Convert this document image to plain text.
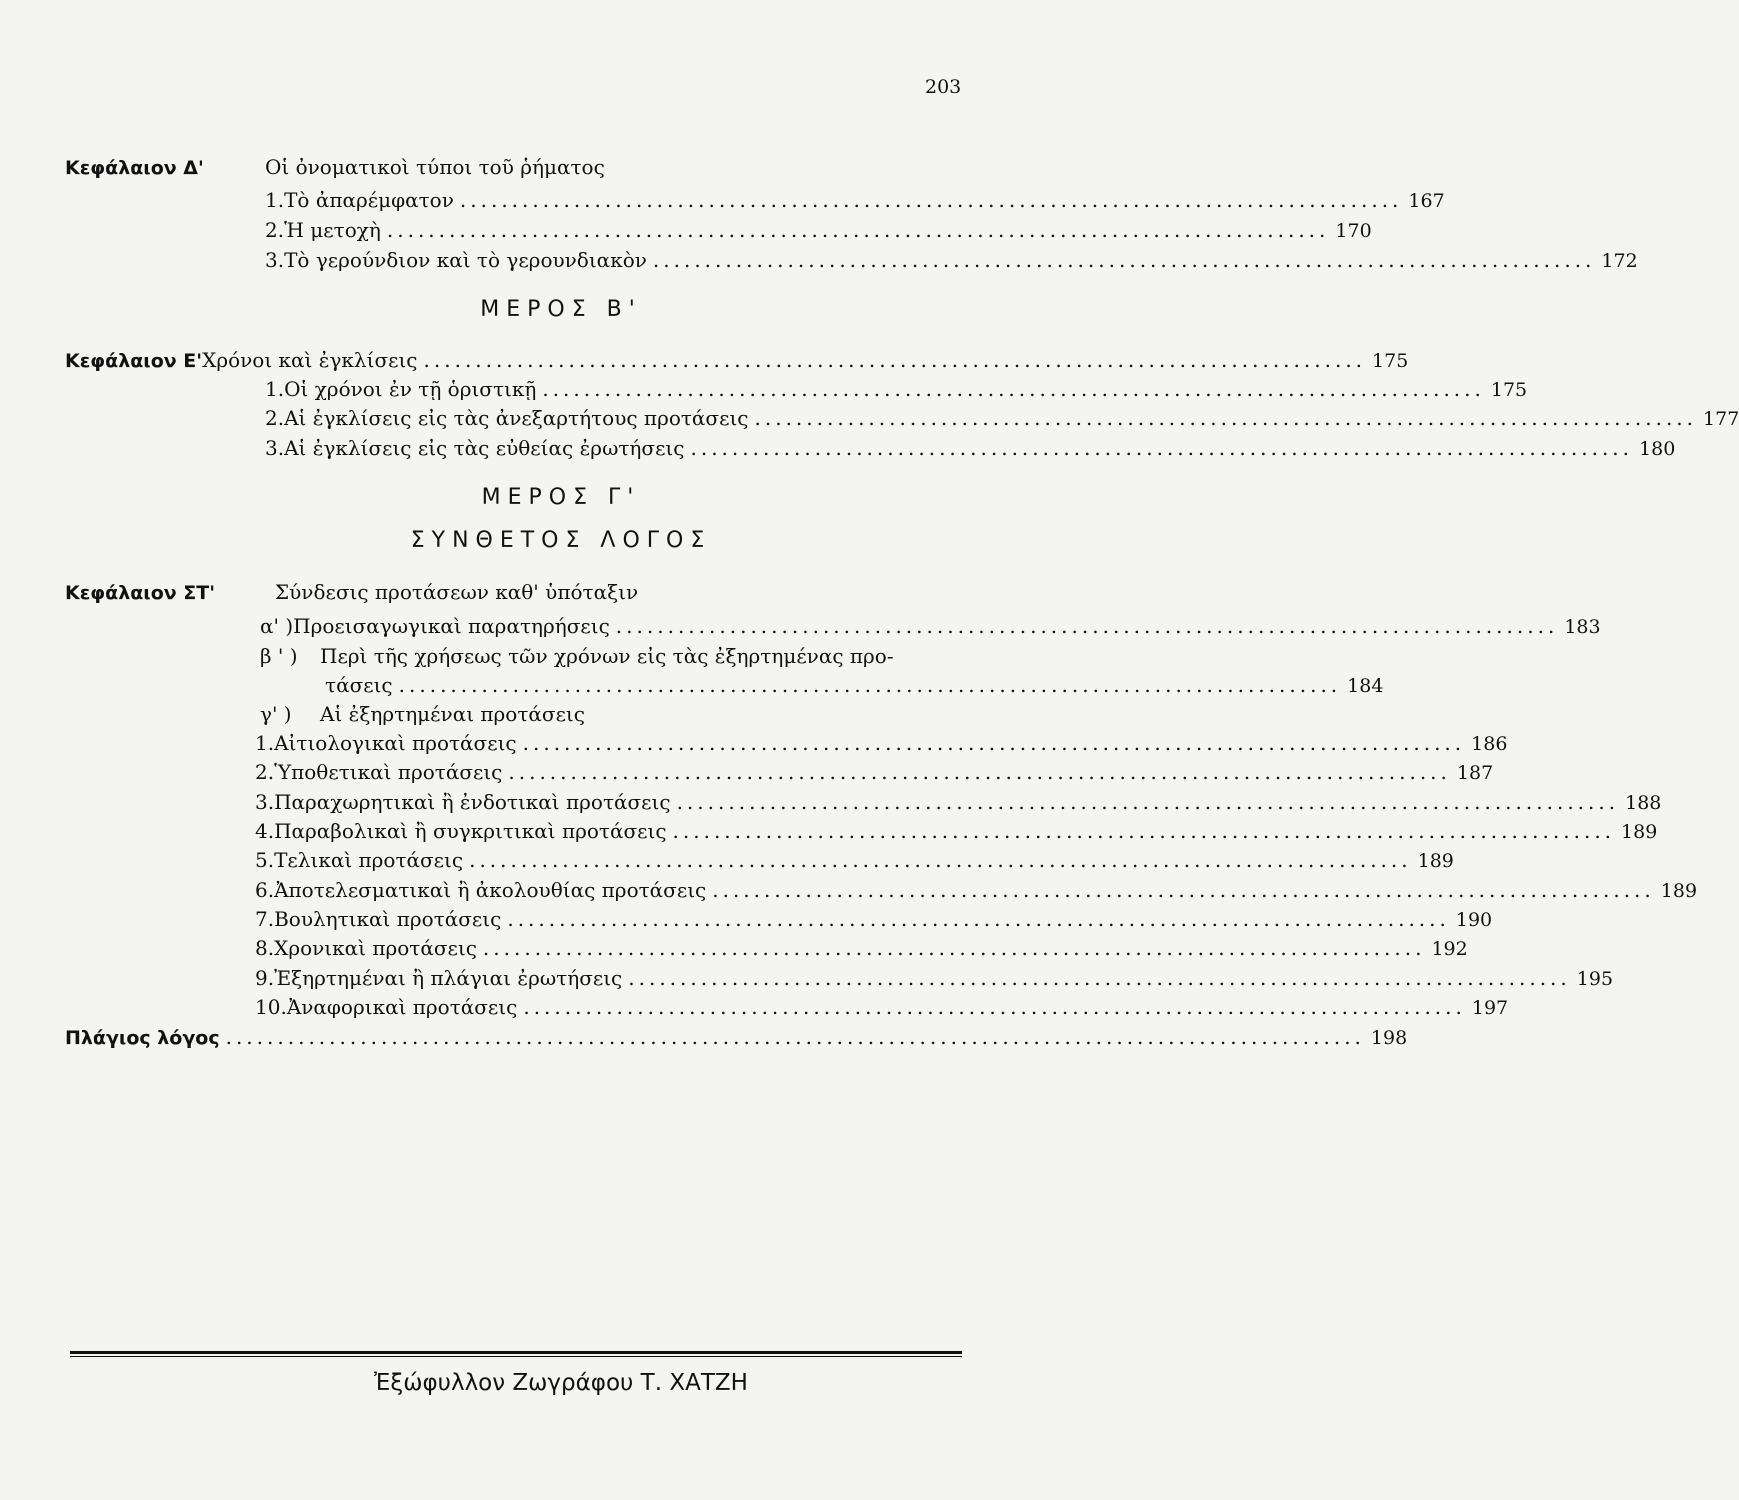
203
Κεφάλαιον Δ'	Οἱ ὀνοματικοὶ τύποι τοῦ ῥήματος
1. Τὸ ἀπαρέμφατον ........................................................................................... 167
2. Ἡ μετοχὴ ........................................................................................... 170
3. Τὸ γερούνδιον καὶ τὸ γερουνδιακὸν ........................................................................................... 172
ΜΕΡΟΣ Β'
Κεφάλαιον Ε' Χρόνοι καὶ ἐγκλίσεις ........................................................................................... 175
1. Οἱ χρόνοι ἐν τῇ ὁριστικῇ ........................................................................................... 175
2. Αἱ ἐγκλίσεις εἰς τὰς ἀνεξαρτήτους προτάσεις ........................................................................................... 177
3. Αἱ ἐγκλίσεις εἰς τὰς εὐθείας ἐρωτήσεις ........................................................................................... 180
ΜΕΡΟΣ Γ'
ΣΥΝΘΕΤΟΣ ΛΟΓΟΣ
Κεφάλαιον ΣΤ'	Σύνδεσις προτάσεων καθ' ὑπόταξιν
α' ) Προεισαγωγικαὶ παρατηρήσεις ........................................................................................... 183
β ' )	Περὶ τῆς χρήσεως τῶν χρόνων εἰς τὰς ἐξηρτημένας προ-
τάσεις ........................................................................................... 184
γ' )	Αἱ ἐξηρτημέναι προτάσεις
1. Αἰτιολογικαὶ προτάσεις ........................................................................................... 186
2. Ὑποθετικαὶ προτάσεις ........................................................................................... 187
3. Παραχωρητικαὶ ἢ ἐνδοτικαὶ προτάσεις ........................................................................................... 188
4. Παραβολικαὶ ἢ συγκριτικαὶ προτάσεις ........................................................................................... 189
5. Τελικαὶ προτάσεις ........................................................................................... 189
6. Ἀποτελεσματικαὶ ἢ ἀκολουθίας προτάσεις ........................................................................................... 189
7. Βουλητικαὶ προτάσεις ........................................................................................... 190
8. Χρονικαὶ προτάσεις ........................................................................................... 192
9. Ἐξηρτημέναι ἢ πλάγιαι ἐρωτήσεις ........................................................................................... 195
10. Ἀναφορικαὶ προτάσεις ........................................................................................... 197
Πλάγιος λόγος .............................................................................................................. 198
Ἐξώφυλλον Ζωγράφου Τ. ΧΑΤΖΗ
